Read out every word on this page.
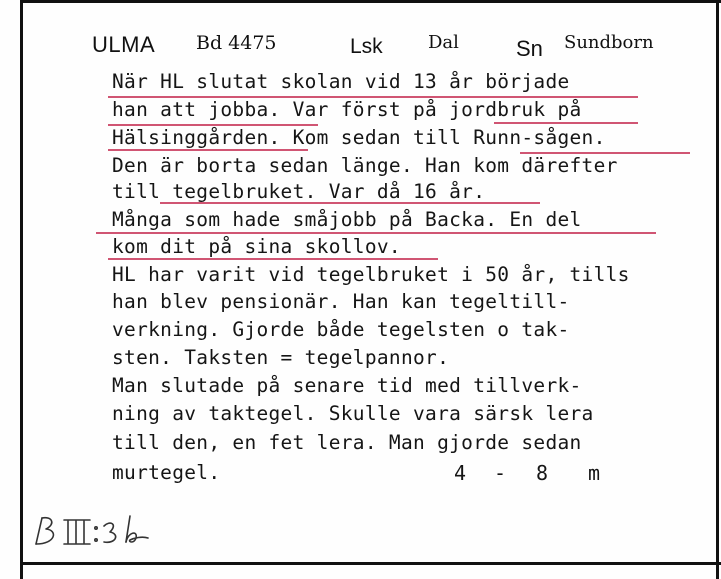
ULMA Bd 4475	Lsk	Dal	Sn Sundborn
När HL slutat skolan vid 13 år började
han att jobba. Var först på jordbruk på
Hälsinggården. Kom sedan till Runn-sågen.
Den är borta sedan länge. Han kom därefter
till tegelbruket. Var då 16 år.
Många som hade småjobb på Backa. En del
kom dit på sina skollov.
HL har varit vid tegelbruket i 50 år, tills
han blev pensionär. Han kan tegeltill-
verkning. Gjorde både tegelsten o tak-
sten. Taksten = tegelpannor.
Man slutade på senare tid med tillverk-
ning av taktegel. Skulle vara särsk lera
till den, en fet lera. Man gjorde sedan
murtegel.	4 - 8 m
